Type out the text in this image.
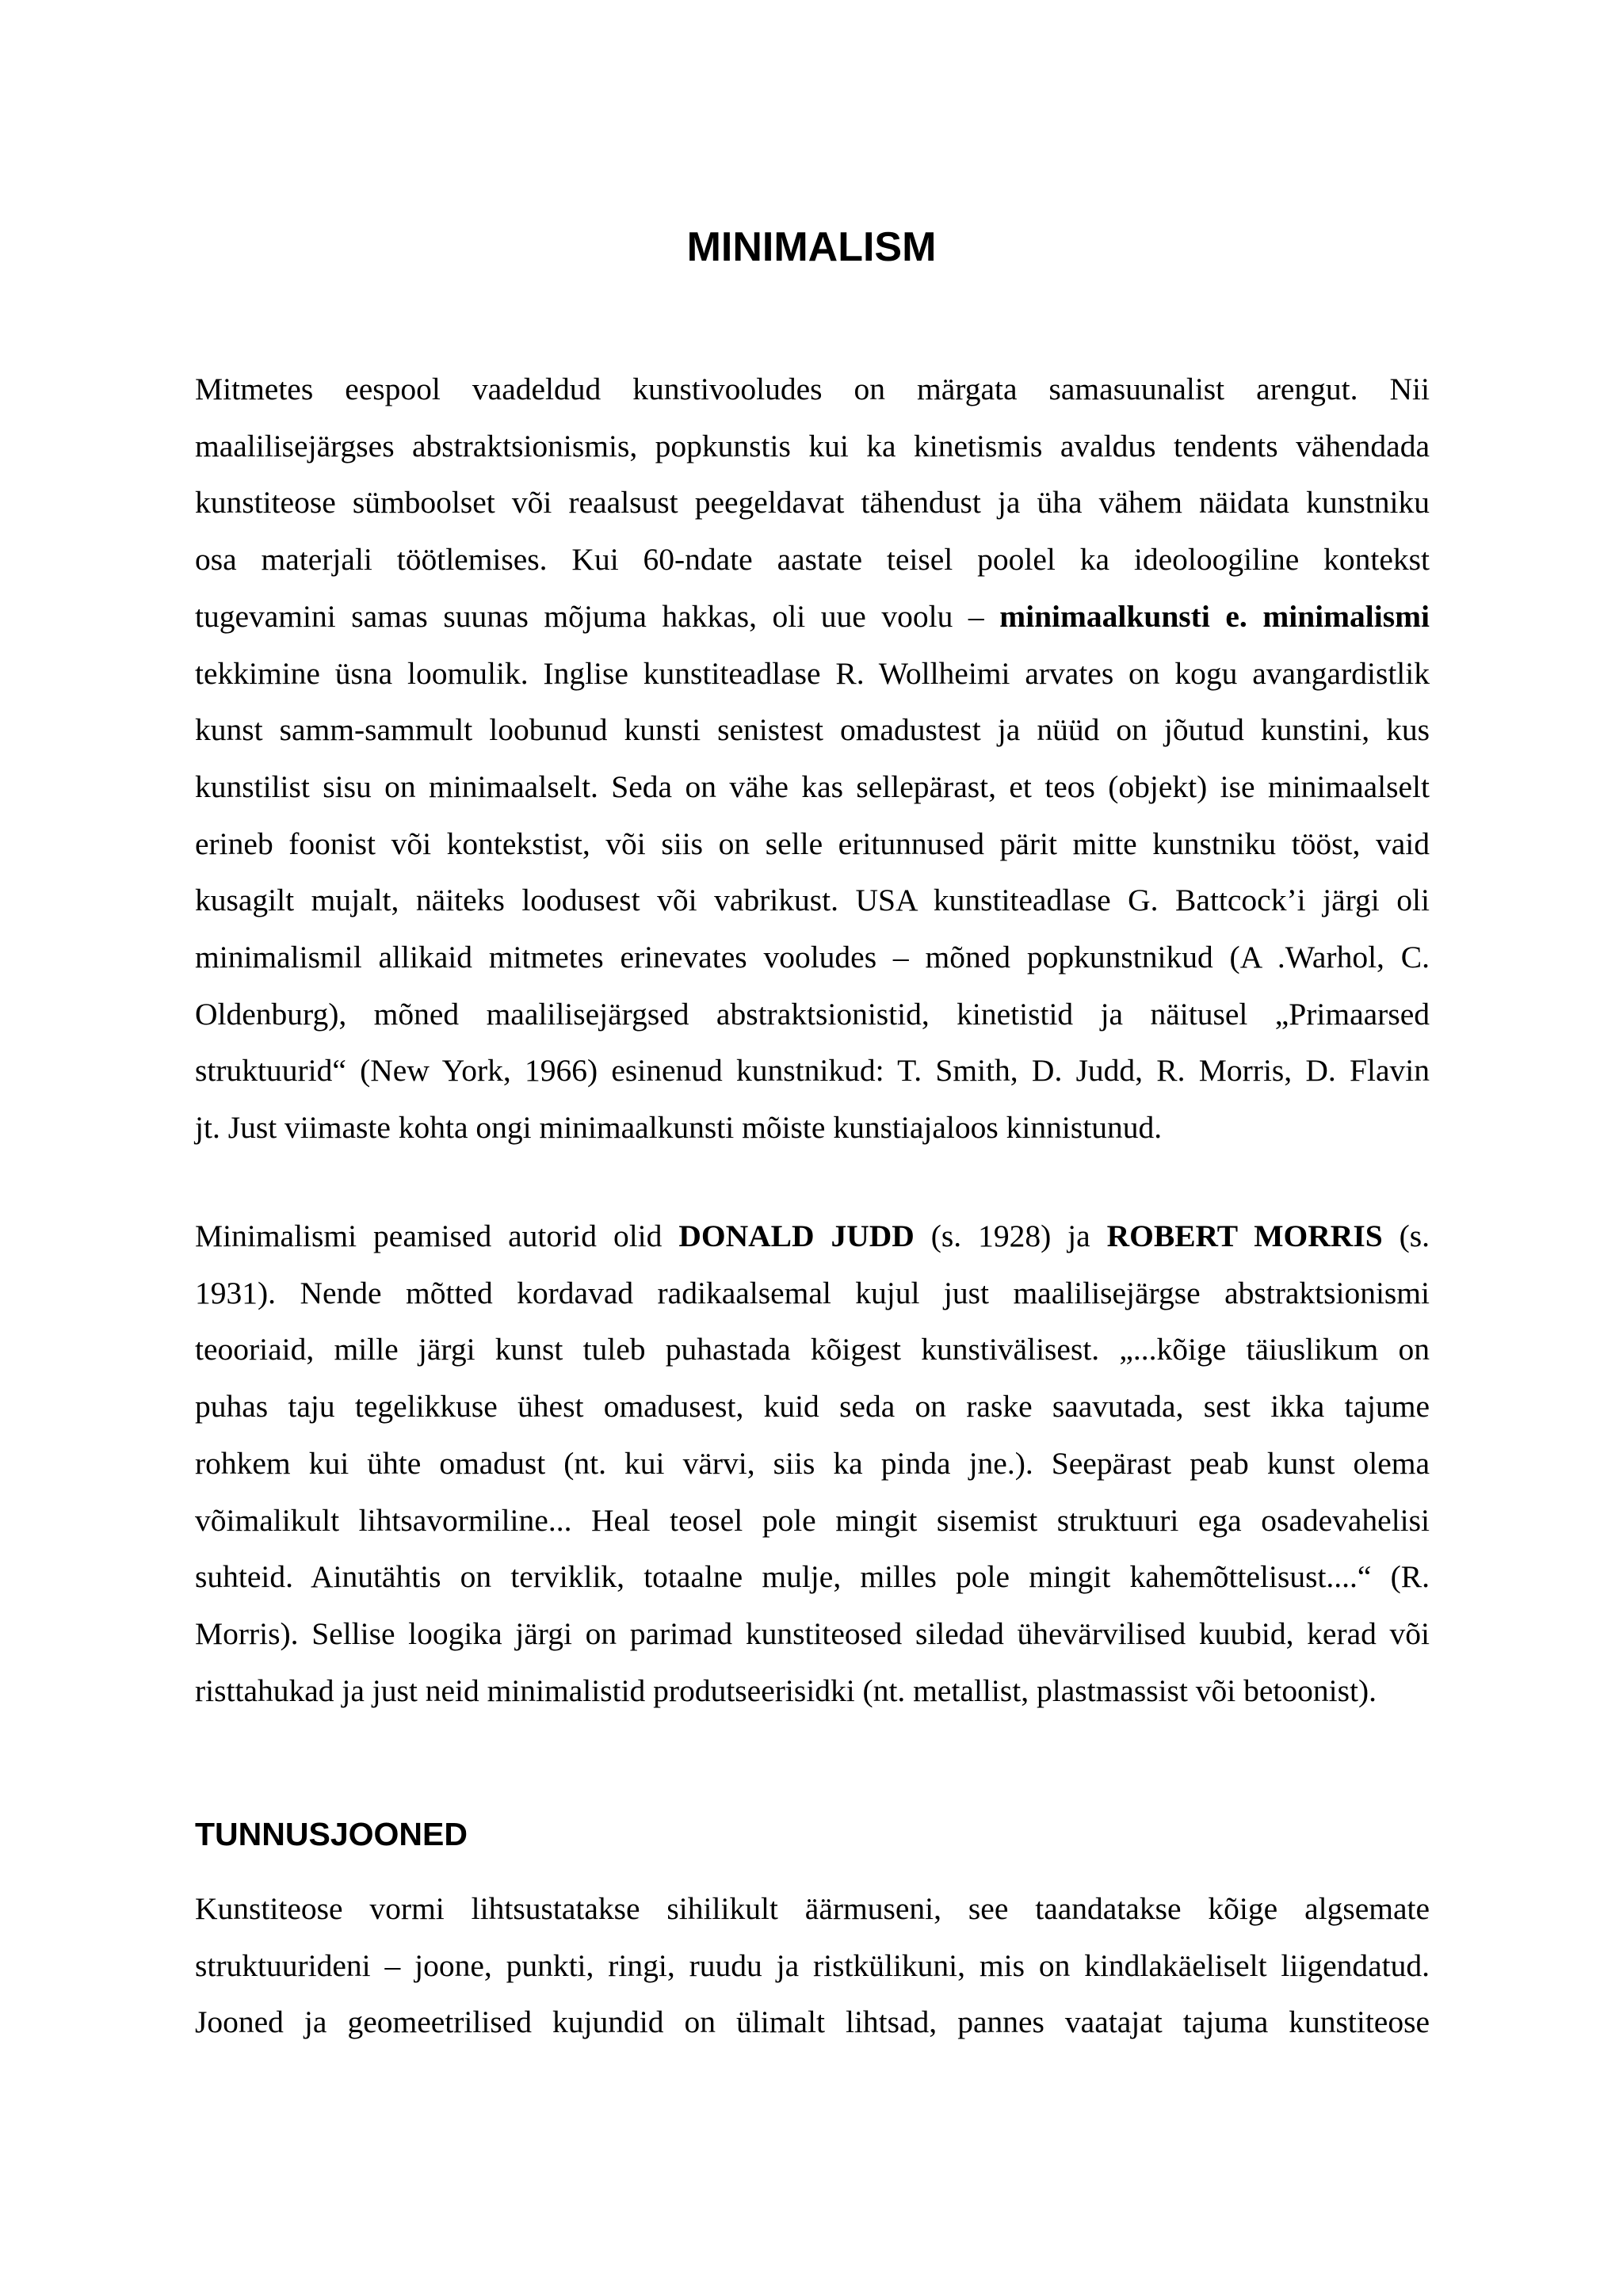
MINIMALISM
Mitmetes eespool vaadeldud kunstivooludes on märgata samasuunalist arengut. Nii
maalilisejärgses abstraktsionismis, popkunstis kui ka kinetismis avaldus tendents vähendada
kunstiteose sümboolset või reaalsust peegeldavat tähendust ja üha vähem näidata kunstniku
osa materjali töötlemises. Kui 60-ndate aastate teisel poolel ka ideoloogiline kontekst
tugevamini samas suunas mõjuma hakkas, oli uue voolu – minimaalkunsti e. minimalismi
tekkimine üsna loomulik. Inglise kunstiteadlase R. Wollheimi arvates on kogu avangardistlik
kunst samm-sammult loobunud kunsti senistest omadustest ja nüüd on jõutud kunstini, kus
kunstilist sisu on minimaalselt. Seda on vähe kas sellepärast, et teos (objekt) ise minimaalselt
erineb foonist või kontekstist, või siis on selle eritunnused pärit mitte kunstniku tööst, vaid
kusagilt mujalt, näiteks loodusest või vabrikust. USA kunstiteadlase G. Battcock’i järgi oli
minimalismil allikaid mitmetes erinevates vooludes – mõned popkunstnikud (A .Warhol, C.
Oldenburg), mõned maalilisejärgsed abstraktsionistid, kinetistid ja näitusel „Primaarsed
struktuurid“ (New York, 1966) esinenud kunstnikud: T. Smith, D. Judd, R. Morris, D. Flavin
jt. Just viimaste kohta ongi minimaalkunsti mõiste kunstiajaloos kinnistunud.
Minimalismi peamised autorid olid DONALD JUDD (s. 1928) ja ROBERT MORRIS (s.
1931). Nende mõtted kordavad radikaalsemal kujul just maalilisejärgse abstraktsionismi
teooriaid, mille järgi kunst tuleb puhastada kõigest kunstivälisest. „...kõige täiuslikum on
puhas taju tegelikkuse ühest omadusest, kuid seda on raske saavutada, sest ikka tajume
rohkem kui ühte omadust (nt. kui värvi, siis ka pinda jne.). Seepärast peab kunst olema
võimalikult lihtsavormiline... Heal teosel pole mingit sisemist struktuuri ega osadevahelisi
suhteid. Ainutähtis on terviklik, totaalne mulje, milles pole mingit kahemõttelisust....“ (R.
Morris). Sellise loogika järgi on parimad kunstiteosed siledad ühevärvilised kuubid, kerad või
risttahukad ja just neid minimalistid produtseerisidki (nt. metallist, plastmassist või betoonist).
TUNNUSJOONED
Kunstiteose vormi lihtsustatakse sihilikult äärmuseni, see taandatakse kõige algsemate
struktuurideni – joone, punkti, ringi, ruudu ja ristkülikuni, mis on kindlakäeliselt liigendatud.
Jooned ja geomeetrilised kujundid on ülimalt lihtsad, pannes vaatajat tajuma kunstiteose
